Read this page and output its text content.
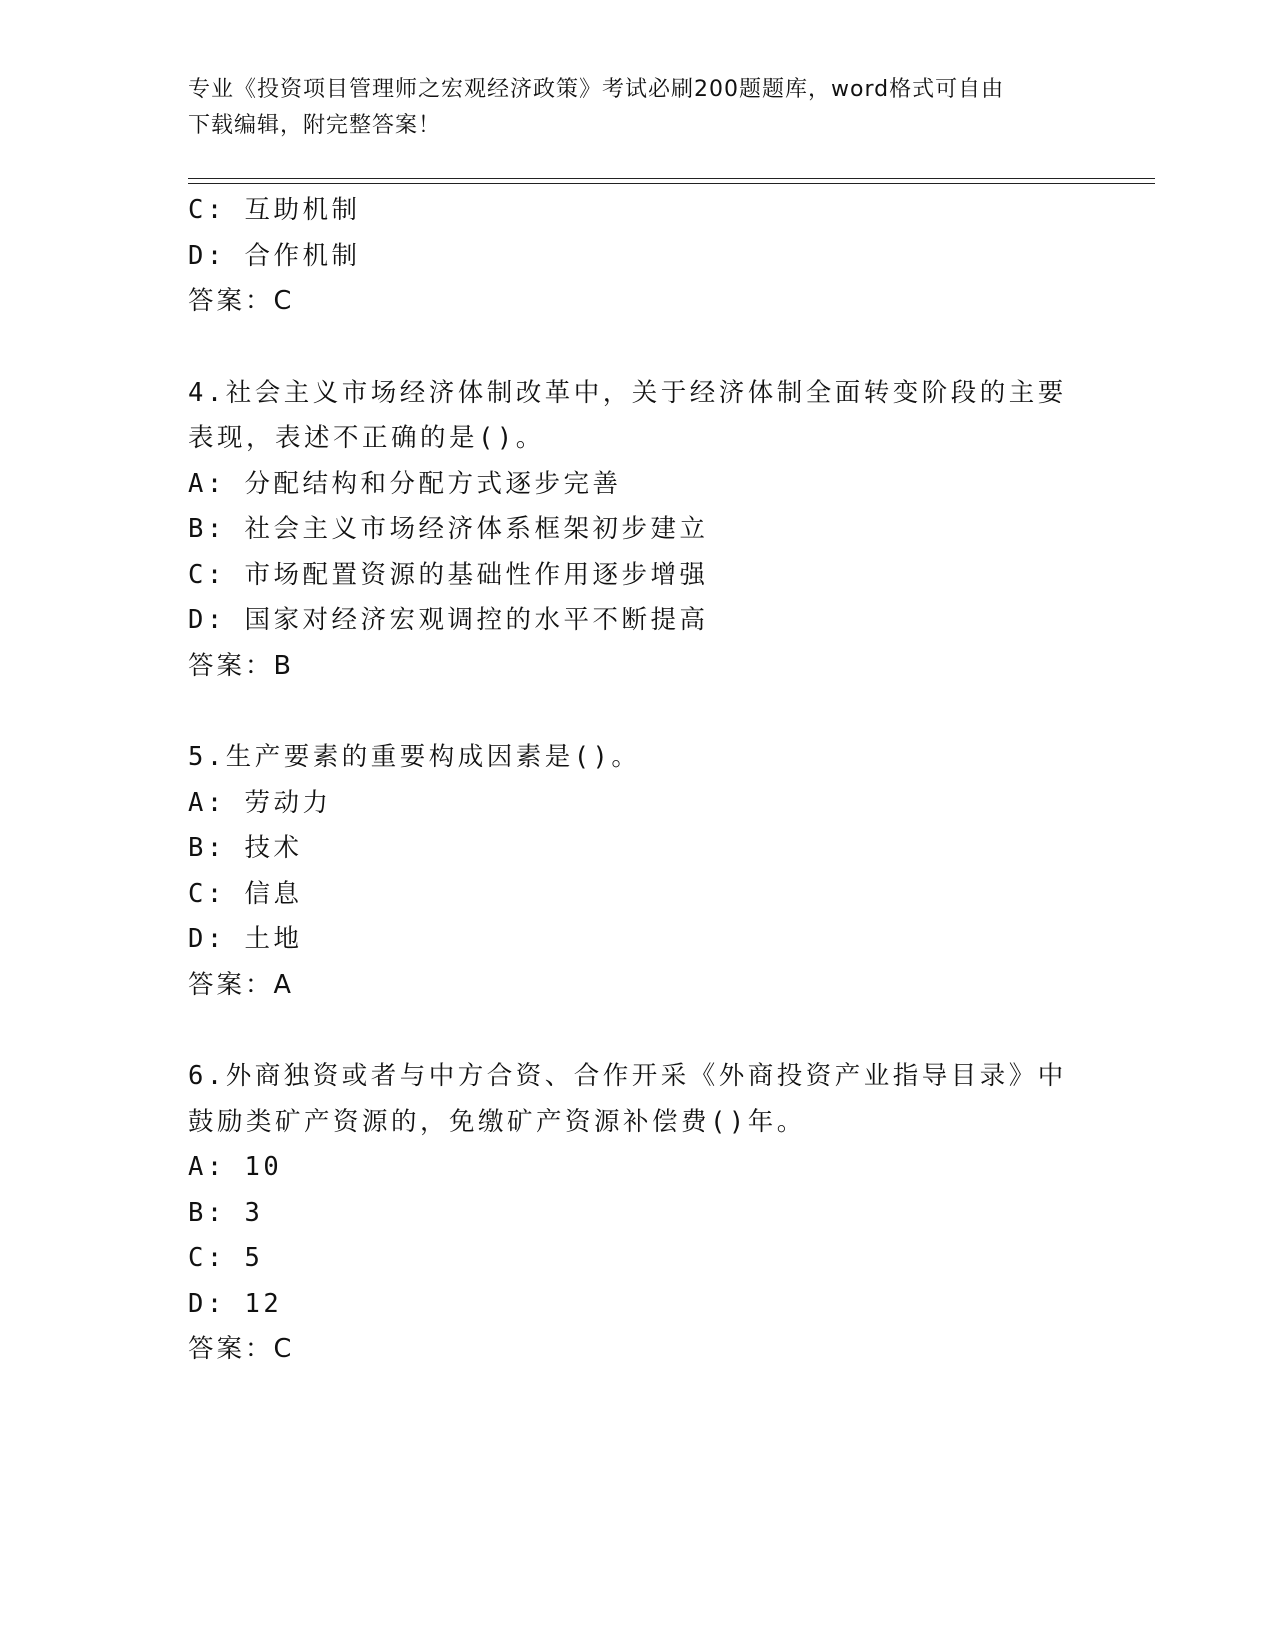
专业《投资项目管理师之宏观经济政策》考试必刷200题题库，word格式可自由
下载编辑，附完整答案！

C: 互助机制

D: 合作机制

答案：C

4.社会主义市场经济体制改革中，关于经济体制全面转变阶段的主要

表现，表述不正确的是()。

A: 分配结构和分配方式逐步完善

B: 社会主义市场经济体系框架初步建立

C: 市场配置资源的基础性作用逐步增强

D: 国家对经济宏观调控的水平不断提高

答案：B

5.生产要素的重要构成因素是()。

A: 劳动力

B: 技术

C: 信息

D: 土地

答案：A

6.外商独资或者与中方合资、合作开采《外商投资产业指导目录》中

鼓励类矿产资源的，免缴矿产资源补偿费()年。

A: 10

B: 3

C: 5

D: 12

答案：C
